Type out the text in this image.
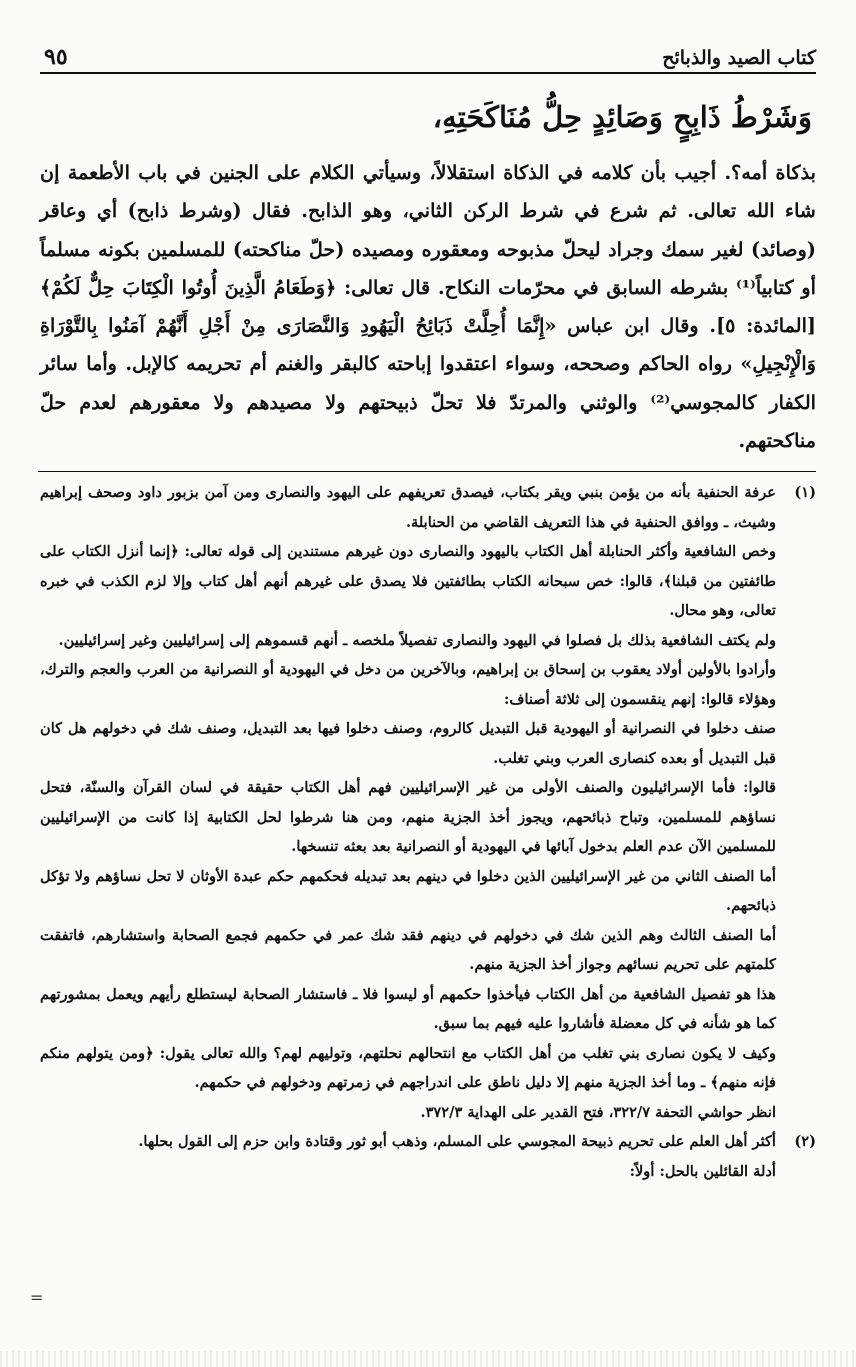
٩٥	كتاب الصيد والذبائح
وَشَرْطُ ذَابِحٍ وَصَائِدٍ حِلُّ مُنَاكَحَتِهِ،

بذكاة أمه؟. أجيب بأن كلامه في الذكاة استقلالاً، وسيأتي الكلام على الجنين في باب الأطعمة إن شاء الله تعالى. ثم شرع في شرط الركن الثاني، وهو الذابح. فقال (وشرط ذابح) أي وعاقر (وصائد) لغير سمك وجراد ليحلّ مذبوحه ومعقوره ومصيده (حلّ مناكحته) للمسلمين بكونه مسلماً أو كتابياً⁽¹⁾ بشرطه السابق في محرّمات النكاح. قال تعالى: ﴿وَطَعَامُ الَّذِينَ أُوتُوا الْكِتَابَ حِلٌّ لَكُمْ﴾ [المائدة: ٥]. وقال ابن عباس «إِنَّمَا أُحِلَّتْ ذَبَائِحُ الْيَهُودِ وَالنَّصَارَى مِنْ أَجْلِ أَنَّهُمْ آمَنُوا بِالتَّوْرَاةِ وَالْإِنْجِيلِ» رواه الحاكم وصححه، وسواء اعتقدوا إباحته كالبقر والغنم أم تحريمه كالإبل. وأما سائر الكفار كالمجوسي⁽²⁾ والوثني والمرتدّ فلا تحلّ ذبيحتهم ولا مصيدهم ولا معقورهم لعدم حلّ مناكحتهم.

(١)
عرفة الحنفية بأنه من يؤمن بنبي ويقر بكتاب، فيصدق تعريفهم على اليهود والنصارى ومن آمن بزبور داود وصحف إبراهيم وشيث، ـ ووافق الحنفية في هذا التعريف القاضي من الحنابلة.

وخص الشافعية وأكثر الحنابلة أهل الكتاب باليهود والنصارى دون غيرهم مستندين إلى قوله تعالى: ﴿إنما أنزل الكتاب على طائفتين من قبلنا﴾، قالوا: خص سبحانه الكتاب بطائفتين فلا يصدق على غيرهم أنهم أهل كتاب وإلا لزم الكذب في خبره تعالى، وهو محال.

ولم يكتف الشافعية بذلك بل فصلوا في اليهود والنصارى تفصيلاً ملخصه ـ أنهم قسموهم إلى إسرائيليين وغير إسرائيليين.

وأرادوا بالأولين أولاد يعقوب بن إسحاق بن إبراهيم، وبالآخرين من دخل في اليهودية أو النصرانية من العرب والعجم والترك، وهؤلاء قالوا: إنهم ينقسمون إلى ثلاثة أصناف:

صنف دخلوا في النصرانية أو اليهودية قبل التبديل كالروم، وصنف دخلوا فيها بعد التبديل، وصنف شك في دخولهم هل كان قبل التبديل أو بعده كنصارى العرب وبني تغلب.

قالوا: فأما الإسرائيليون والصنف الأولى من غير الإسرائيليين فهم أهل الكتاب حقيقة في لسان القرآن والسنّة، فتحل نساؤهم للمسلمين، وتباح ذبائحهم، ويجوز أخذ الجزية منهم، ومن هنا شرطوا لحل الكتابية إذا كانت من الإسرائيليين للمسلمين الآن عدم العلم بدخول آبائها في اليهودية أو النصرانية بعد بعثه تنسخها.

أما الصنف الثاني من غير الإسرائيليين الذين دخلوا في دينهم بعد تبديله فحكمهم حكم عبدة الأوثان لا تحل نساؤهم ولا تؤكل ذبائحهم.

أما الصنف الثالث وهم الذين شك في دخولهم في دينهم فقد شك عمر في حكمهم فجمع الصحابة واستشارهم، فاتفقت كلمتهم على تحريم نسائهم وجواز أخذ الجزية منهم.

هذا هو تفصيل الشافعية من أهل الكتاب فيأخذوا حكمهم أو ليسوا فلا ـ فاستشار الصحابة ليستطلع رأيهم ويعمل بمشورتهم كما هو شأنه في كل معضلة فأشاروا عليه فيهم بما سبق.

وكيف لا يكون نصارى بني تغلب من أهل الكتاب مع انتحالهم نحلتهم، وتوليهم لهم؟ والله تعالى يقول: ﴿ومن يتولهم منكم فإنه منهم﴾ ـ وما أخذ الجزية منهم إلا دليل ناطق على اندراجهم في زمرتهم ودخولهم في حكمهم.

انظر حواشي التحفة ٣٢٢/٧، فتح القدير على الهداية ٣٧٢/٣.

(٢)
أكثر أهل العلم على تحريم ذبيحة المجوسي على المسلم، وذهب أبو ثور وقتادة وابن حزم إلى القول بحلها.

أدلة القائلين بالحل: أولاً:

=
